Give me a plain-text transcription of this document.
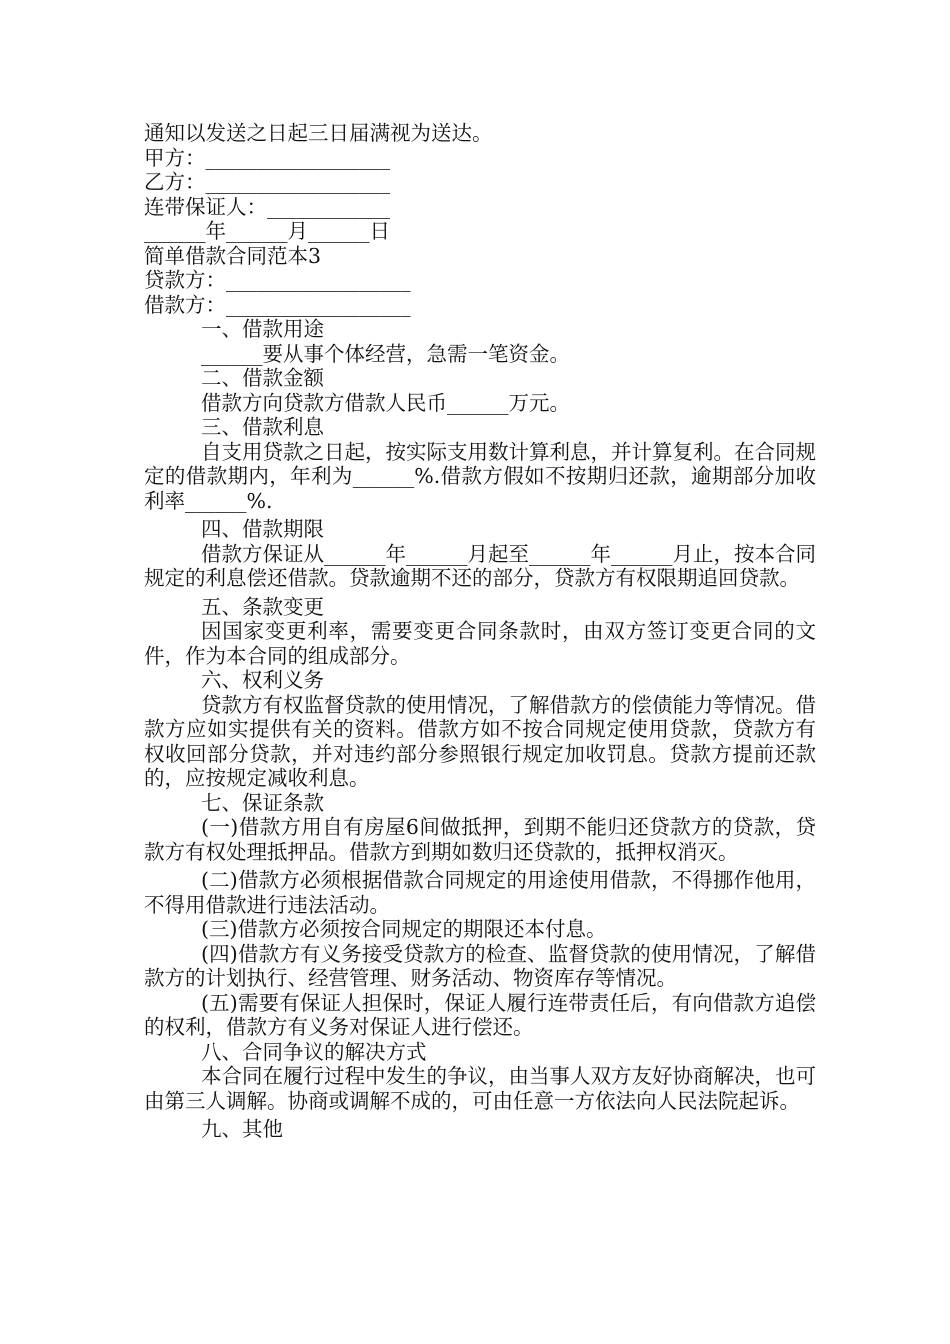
通知以发送之日起三日届满视为送达。

甲方：__________________

乙方：__________________

连带保证人：____________

______年______月______日

简单借款合同范本3

贷款方：__________________

借款方：__________________

一、借款用途

______要从事个体经营，急需一笔资金。

二、借款金额

借款方向贷款方借款人民币______万元。

三、借款利息

自支用贷款之日起，按实际支用数计算利息，并计算复利。在合同规定的借款期内，年利为______%.借款方假如不按期归还款，逾期部分加收利率______%.

四、借款期限

借款方保证从______年______月起至______年______月止，按本合同规定的利息偿还借款。贷款逾期不还的部分，贷款方有权限期追回贷款。

五、条款变更

因国家变更利率，需要变更合同条款时，由双方签订变更合同的文件，作为本合同的组成部分。

六、权利义务

贷款方有权监督贷款的使用情况，了解借款方的偿债能力等情况。借款方应如实提供有关的资料。借款方如不按合同规定使用贷款，贷款方有权收回部分贷款，并对违约部分参照银行规定加收罚息。贷款方提前还款的，应按规定减收利息。

七、保证条款

(一)借款方用自有房屋6间做抵押，到期不能归还贷款方的贷款，贷款方有权处理抵押品。借款方到期如数归还贷款的，抵押权消灭。

(二)借款方必须根据借款合同规定的用途使用借款，不得挪作他用，不得用借款进行违法活动。

(三)借款方必须按合同规定的期限还本付息。

(四)借款方有义务接受贷款方的检查、监督贷款的使用情况，了解借款方的计划执行、经营管理、财务活动、物资库存等情况。

(五)需要有保证人担保时，保证人履行连带责任后，有向借款方追偿的权利，借款方有义务对保证人进行偿还。

八、合同争议的解决方式

本合同在履行过程中发生的争议，由当事人双方友好协商解决，也可由第三人调解。协商或调解不成的，可由任意一方依法向人民法院起诉。

九、其他
